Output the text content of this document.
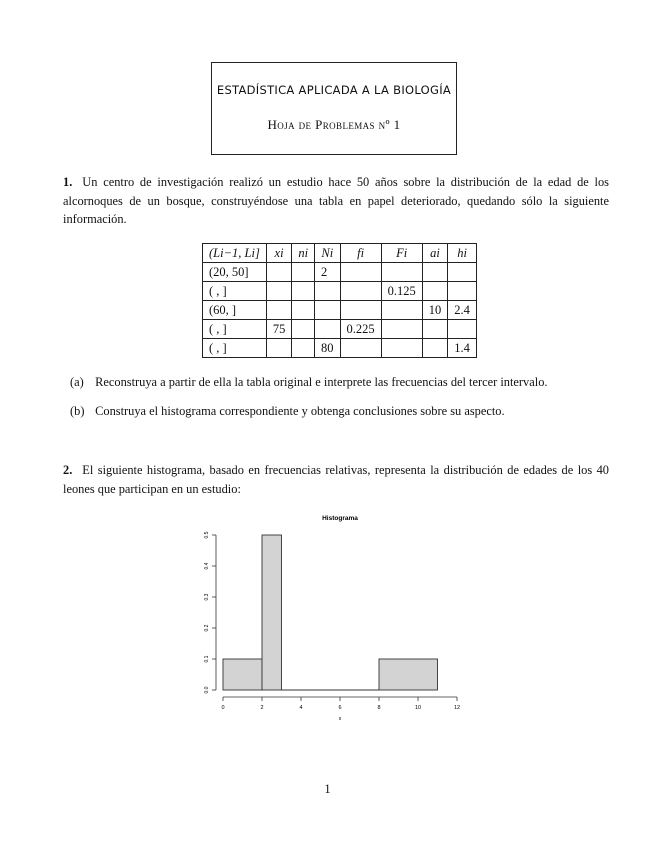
ESTADÍSTICA APLICADA A LA BIOLOGÍA
Hoja de Problemas nº 1
1. Un centro de investigación realizó un estudio hace 50 años sobre la distribución de la edad de los alcornoques de un bosque, construyéndose una tabla en papel deteriorado, quedando sólo la siguiente información.
(Li−1, Li]	xi	ni	Ni	fi	Fi	ai	hi
(20, 50]			2				
( , ]					0.125		
(60, ]						10	2.4
( , ]	75			0.225			
( , ]			80				1.4
(a) Reconstruya a partir de ella la tabla original e interprete las frecuencias del tercer intervalo.
(b) Construya el histograma correspondiente y obtenga conclusiones sobre su aspecto.
2. El siguiente histograma, basado en frecuencias relativas, representa la distribución de edades de los 40 leones que participan en un estudio:
Histograma
0	2	4	6	8	10	12
x
0.0
0.1
0.2
0.3
0.4
0.5
1
